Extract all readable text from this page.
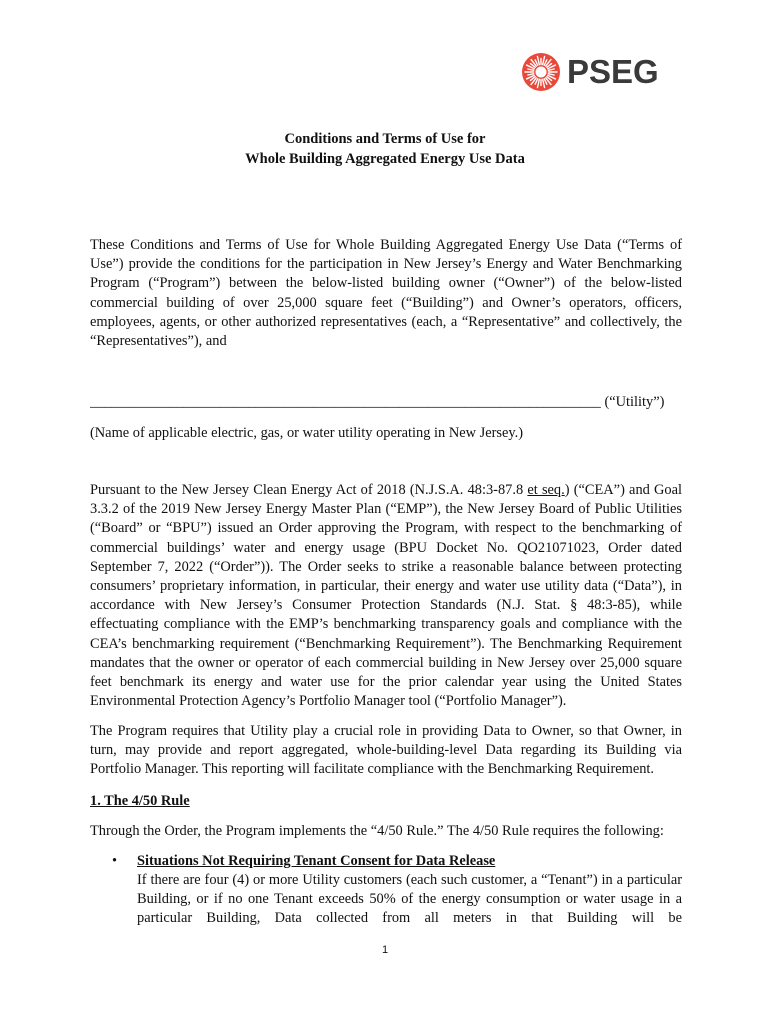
PSEG
Conditions and Terms of Use for
Whole Building Aggregated Energy Use Data

These Conditions and Terms of Use for Whole Building Aggregated Energy Use Data (“Terms of Use”) provide the conditions for the participation in New Jersey’s Energy and Water Benchmarking Program (“Program”) between the below-listed building owner (“Owner”) of the below-listed commercial building of over 25,000 square feet (“Building”) and Owner’s operators, officers, employees, agents, or other authorized representatives (each, a “Representative” and collectively, the “Representatives”), and

_______________________________________________________________________ (“Utility”)
(Name of applicable electric, gas, or water utility operating in New Jersey.)

Pursuant to the New Jersey Clean Energy Act of 2018 (N.J.S.A. 48:3-87.8 et seq.) (“CEA”) and Goal 3.3.2 of the 2019 New Jersey Energy Master Plan (“EMP”), the New Jersey Board of Public Utilities (“Board” or “BPU”) issued an Order approving the Program, with respect to the benchmarking of commercial buildings’ water and energy usage (BPU Docket No. QO21071023, Order dated September 7, 2022 (“Order”)). The Order seeks to strike a reasonable balance between protecting consumers’ proprietary information, in particular, their energy and water use utility data (“Data”), in accordance with New Jersey’s Consumer Protection Standards (N.J. Stat. § 48:3-85), while effectuating compliance with the EMP’s benchmarking transparency goals and compliance with the CEA’s benchmarking requirement (“Benchmarking Requirement”). The Benchmarking Requirement mandates that the owner or operator of each commercial building in New Jersey over 25,000 square feet benchmark its energy and water use for the prior calendar year using the United States Environmental Protection Agency’s Portfolio Manager tool (“Portfolio Manager”).

The Program requires that Utility play a crucial role in providing Data to Owner, so that Owner, in turn, may provide and report aggregated, whole-building-level Data regarding its Building via Portfolio Manager. This reporting will facilitate compliance with the Benchmarking Requirement.

1. The 4/50 Rule
Through the Order, the Program implements the “4/50 Rule.” The 4/50 Rule requires the following:
• Situations Not Requiring Tenant Consent for Data Release

If there are four (4) or more Utility customers (each such customer, a “Tenant”) in a particular Building, or if no one Tenant exceeds 50% of the energy consumption or water usage in a particular Building, Data collected from all meters in that Building will be

1
